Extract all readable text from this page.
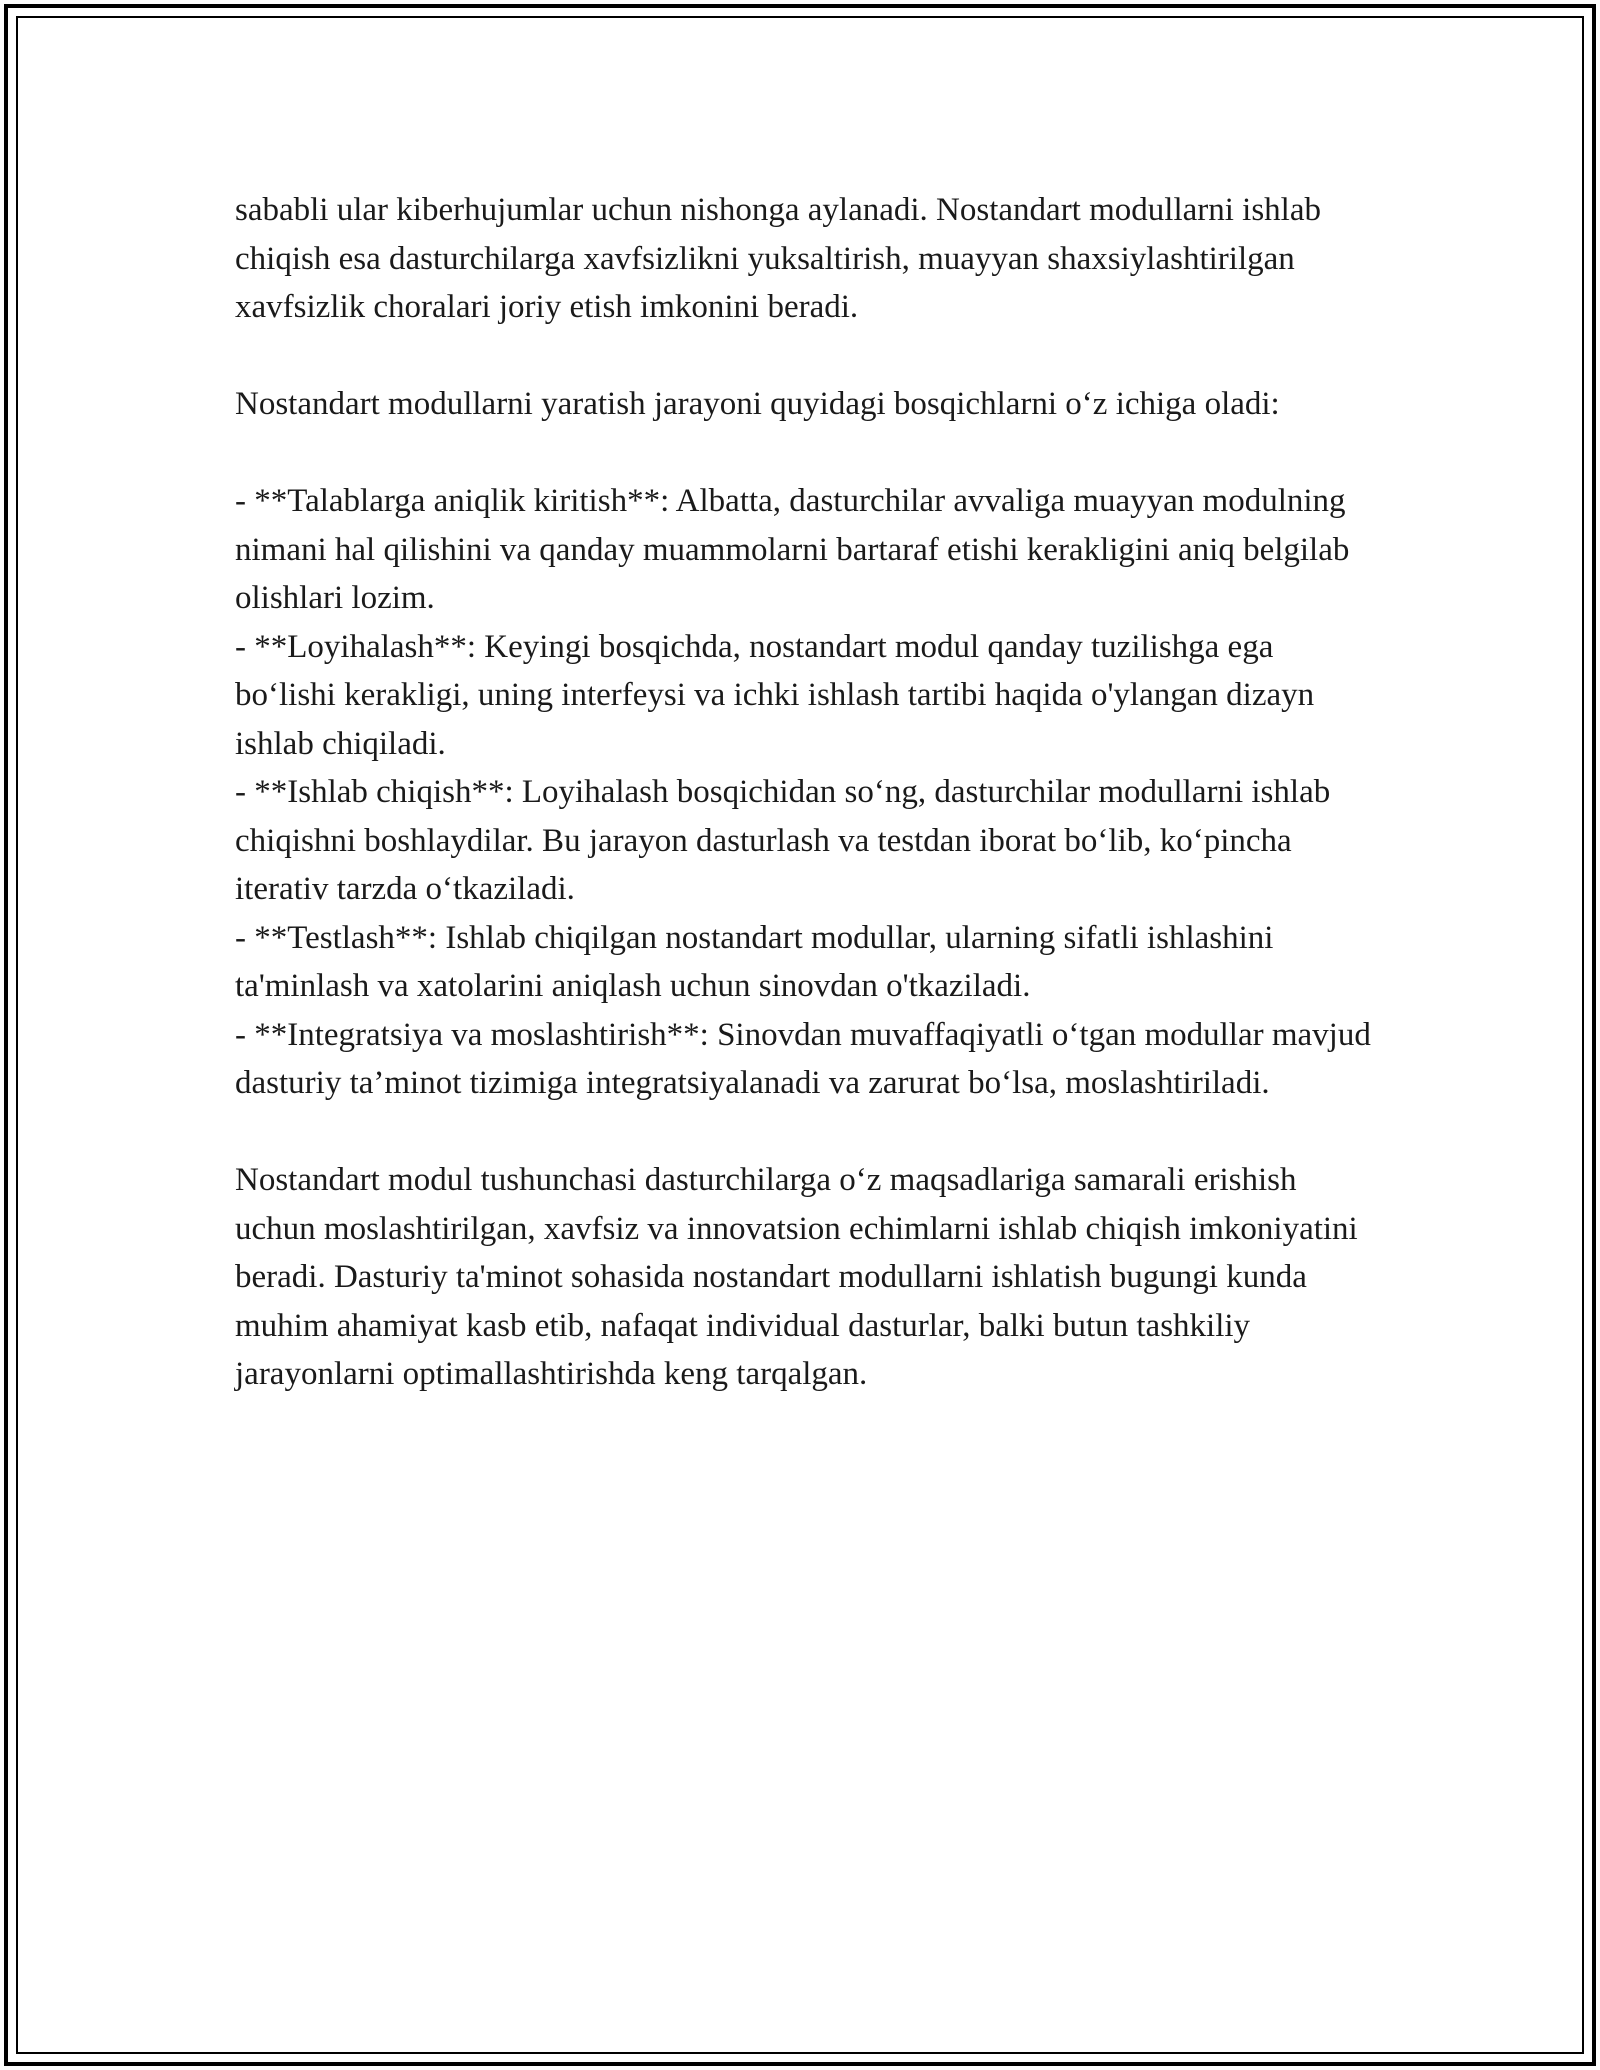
sababli ular kiberhujumlar uchun nishonga aylanadi. Nostandart modullarni ishlab chiqish esa dasturchilarga xavfsizlikni yuksaltirish, muayyan shaxsiylashtirilgan xavfsizlik choralari joriy etish imkonini beradi.

Nostandart modullarni yaratish jarayoni quyidagi bosqichlarni o‘z ichiga oladi:

- **Talablarga aniqlik kiritish**: Albatta, dasturchilar avvaliga muayyan modulning nimani hal qilishini va qanday muammolarni bartaraf etishi kerakligini aniq belgilab olishlari lozim.

- **Loyihalash**: Keyingi bosqichda, nostandart modul qanday tuzilishga ega bo‘lishi kerakligi, uning interfeysi va ichki ishlash tartibi haqida o'ylangan dizayn ishlab chiqiladi.

- **Ishlab chiqish**: Loyihalash bosqichidan so‘ng, dasturchilar modullarni ishlab chiqishni boshlaydilar. Bu jarayon dasturlash va testdan iborat bo‘lib, ko‘pincha iterativ tarzda o‘tkaziladi.

- **Testlash**: Ishlab chiqilgan nostandart modullar, ularning sifatli ishlashini ta'minlash va xatolarini aniqlash uchun sinovdan o'tkaziladi.

- **Integratsiya va moslashtirish**: Sinovdan muvaffaqiyatli o‘tgan modullar mavjud dasturiy ta’minot tizimiga integratsiyalanadi va zarurat bo‘lsa, moslashtiriladi.

Nostandart modul tushunchasi dasturchilarga o‘z maqsadlariga samarali erishish uchun moslashtirilgan, xavfsiz va innovatsion echimlarni ishlab chiqish imkoniyatini beradi. Dasturiy ta'minot sohasida nostandart modullarni ishlatish bugungi kunda muhim ahamiyat kasb etib, nafaqat individual dasturlar, balki butun tashkiliy jarayonlarni optimallashtirishda keng tarqalgan.
